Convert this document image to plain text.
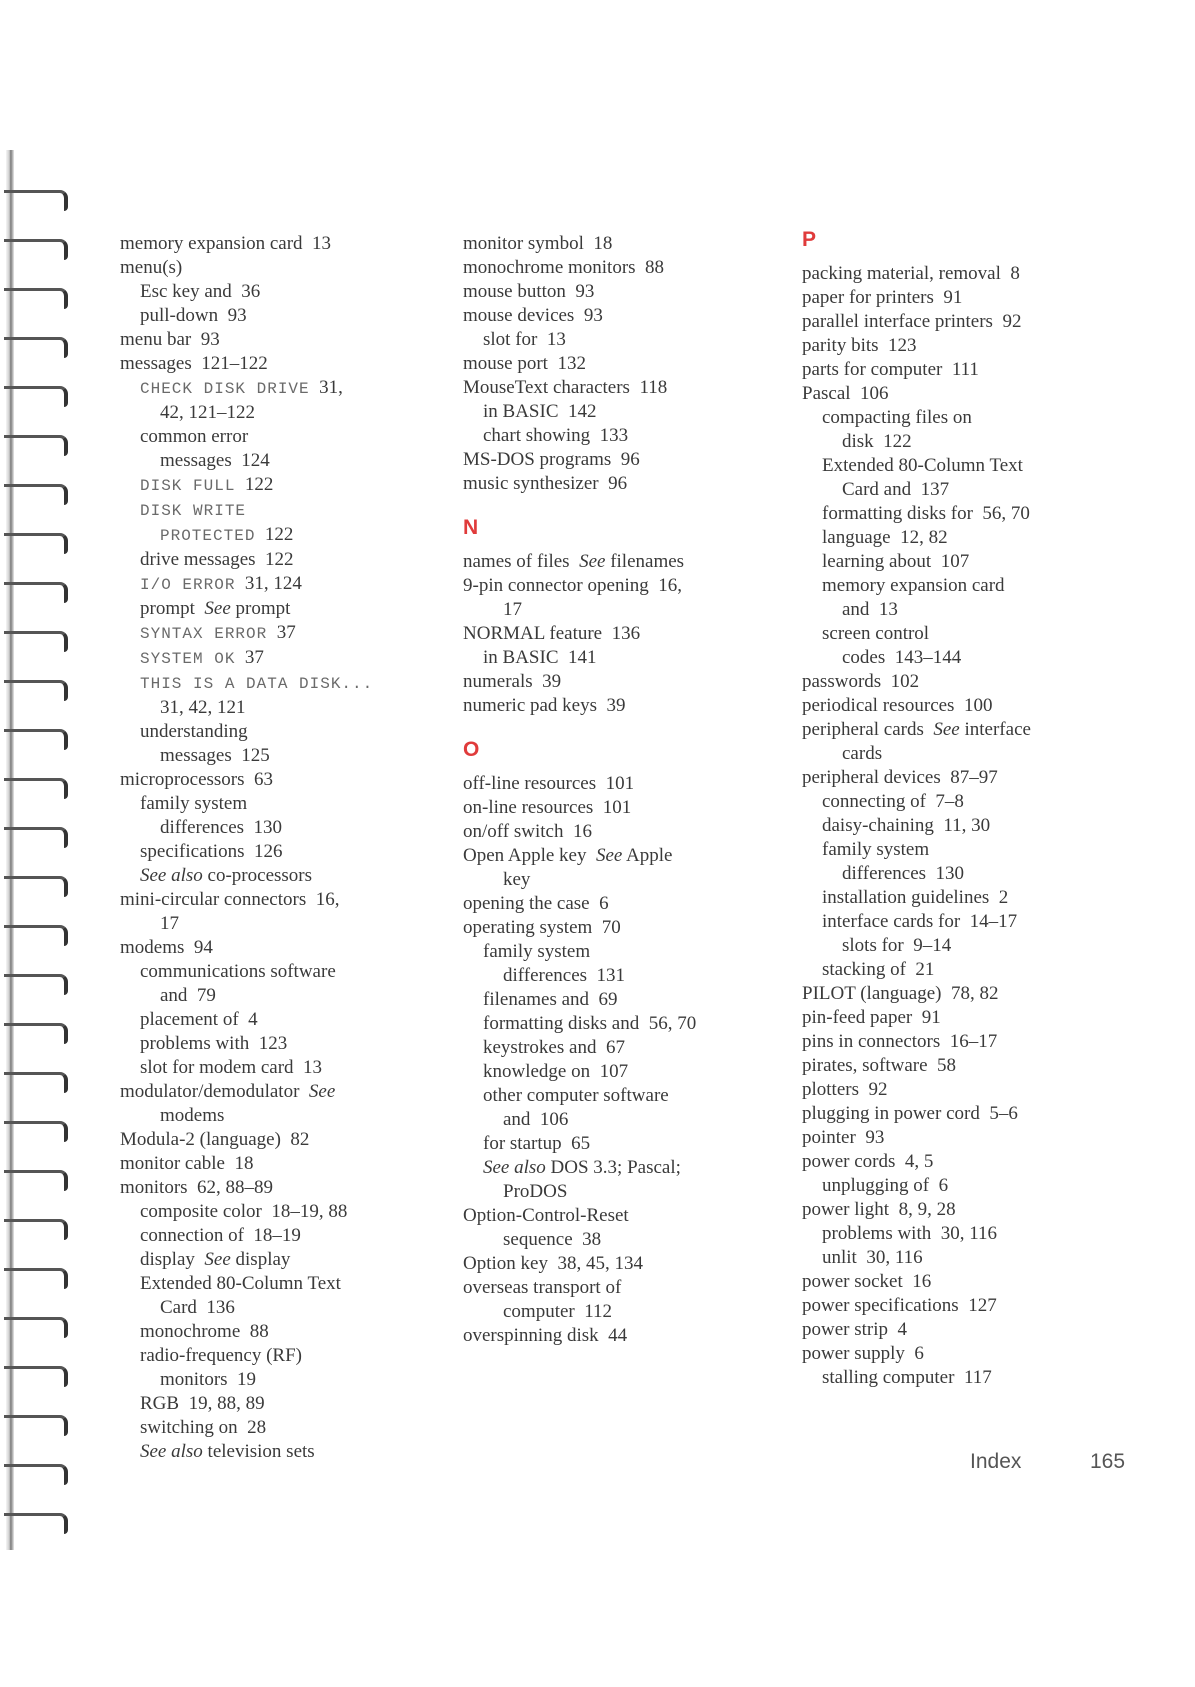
memory expansion card  13
menu(s)
Esc key and  36
pull-down  93
menu bar  93
messages  121–122
CHECK DISK DRIVE  31,
42, 121–122
common error
messages  124
DISK FULL  122
DISK WRITE
PROTECTED  122
drive messages  122
I/O ERROR  31, 124
prompt  See prompt
SYNTAX ERROR  37
SYSTEM OK  37
THIS IS A DATA DISK...
31, 42, 121
understanding
messages  125
microprocessors  63
family system
differences  130
specifications  126
See also co-processors
mini-circular connectors  16,
17
modems  94
communications software
and  79
placement of  4
problems with  123
slot for modem card  13
modulator/demodulator  See
modems
Modula-2 (language)  82
monitor cable  18
monitors  62, 88–89
composite color  18–19, 88
connection of  18–19
display  See display
Extended 80-Column Text
Card  136
monochrome  88
radio-frequency (RF)
monitors  19
RGB  19, 88, 89
switching on  28
See also television sets
monitor symbol  18
monochrome monitors  88
mouse button  93
mouse devices  93
slot for  13
mouse port  132
MouseText characters  118
in BASIC  142
chart showing  133
MS-DOS programs  96
music synthesizer  96
N
names of files  See filenames
9-pin connector opening  16,
17
NORMAL feature  136
in BASIC  141
numerals  39
numeric pad keys  39
O
off-line resources  101
on-line resources  101
on/off switch  16
Open Apple key  See Apple
key
opening the case  6
operating system  70
family system
differences  131
filenames and  69
formatting disks and  56, 70
keystrokes and  67
knowledge on  107
other computer software
and  106
for startup  65
See also DOS 3.3; Pascal;
ProDOS
Option-Control-Reset
sequence  38
Option key  38, 45, 134
overseas transport of
computer  112
overspinning disk  44
P
packing material, removal  8
paper for printers  91
parallel interface printers  92
parity bits  123
parts for computer  111
Pascal  106
compacting files on
disk  122
Extended 80-Column Text
Card and  137
formatting disks for  56, 70
language  12, 82
learning about  107
memory expansion card
and  13
screen control
codes  143–144
passwords  102
periodical resources  100
peripheral cards  See interface
cards
peripheral devices  87–97
connecting of  7–8
daisy-chaining  11, 30
family system
differences  130
installation guidelines  2
interface cards for  14–17
slots for  9–14
stacking of  21
PILOT (language)  78, 82
pin-feed paper  91
pins in connectors  16–17
pirates, software  58
plotters  92
plugging in power cord  5–6
pointer  93
power cords  4, 5
unplugging of  6
power light  8, 9, 28
problems with  30, 116
unlit  30, 116
power socket  16
power specifications  127
power strip  4
power supply  6
stalling computer  117
Index	165
